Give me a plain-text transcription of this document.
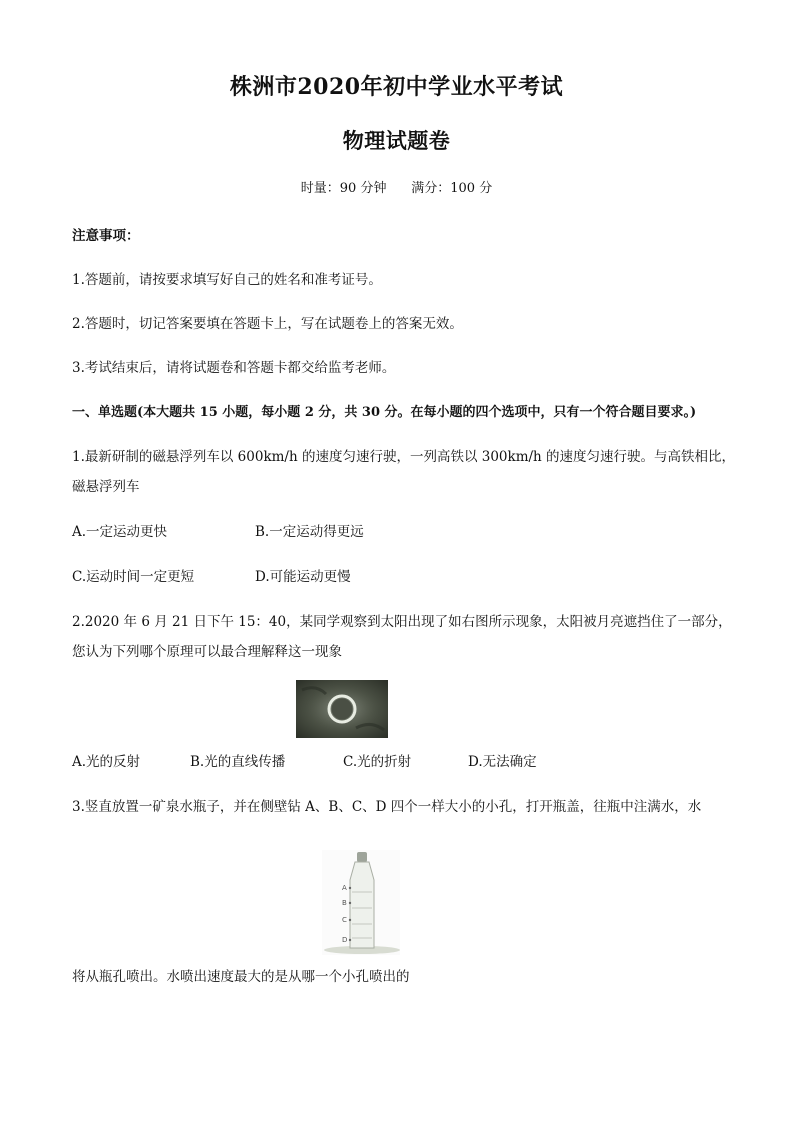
株洲市2020年初中学业水平考试
物理试题卷
时量：90 分钟 满分：100 分
注意事项：
1.答题前，请按要求填写好自己的姓名和准考证号。
2.答题时，切记答案要填在答题卡上，写在试题卷上的答案无效。
3.考试结束后，请将试题卷和答题卡都交给监考老师。
一、单选题(本大题共 15 小题，每小题 2 分，共 30 分。在每小题的四个选项中，只有一个符合题目要求。)
1.最新研制的磁悬浮列车以 600km/h 的速度匀速行驶，一列高铁以 300km/h 的速度匀速行驶。与高铁相比，
磁悬浮列车
A.一定运动更快	B.一定运动得更远
C.运动时间一定更短	D.可能运动更慢
2.2020 年 6 月 21 日下午 15：40，某同学观察到太阳出现了如右图所示现象，太阳被月亮遮挡住了一部分，
您认为下列哪个原理可以最合理解释这一现象
A.光的反射	B.光的直线传播	C.光的折射	D.无法确定
3.竖直放置一矿泉水瓶子，并在侧壁钻 A、B、C、D 四个一样大小的小孔，打开瓶盖，往瓶中注满水，水
A
B
C
D
将从瓶孔喷出。水喷出速度最大的是从哪一个小孔喷出的
